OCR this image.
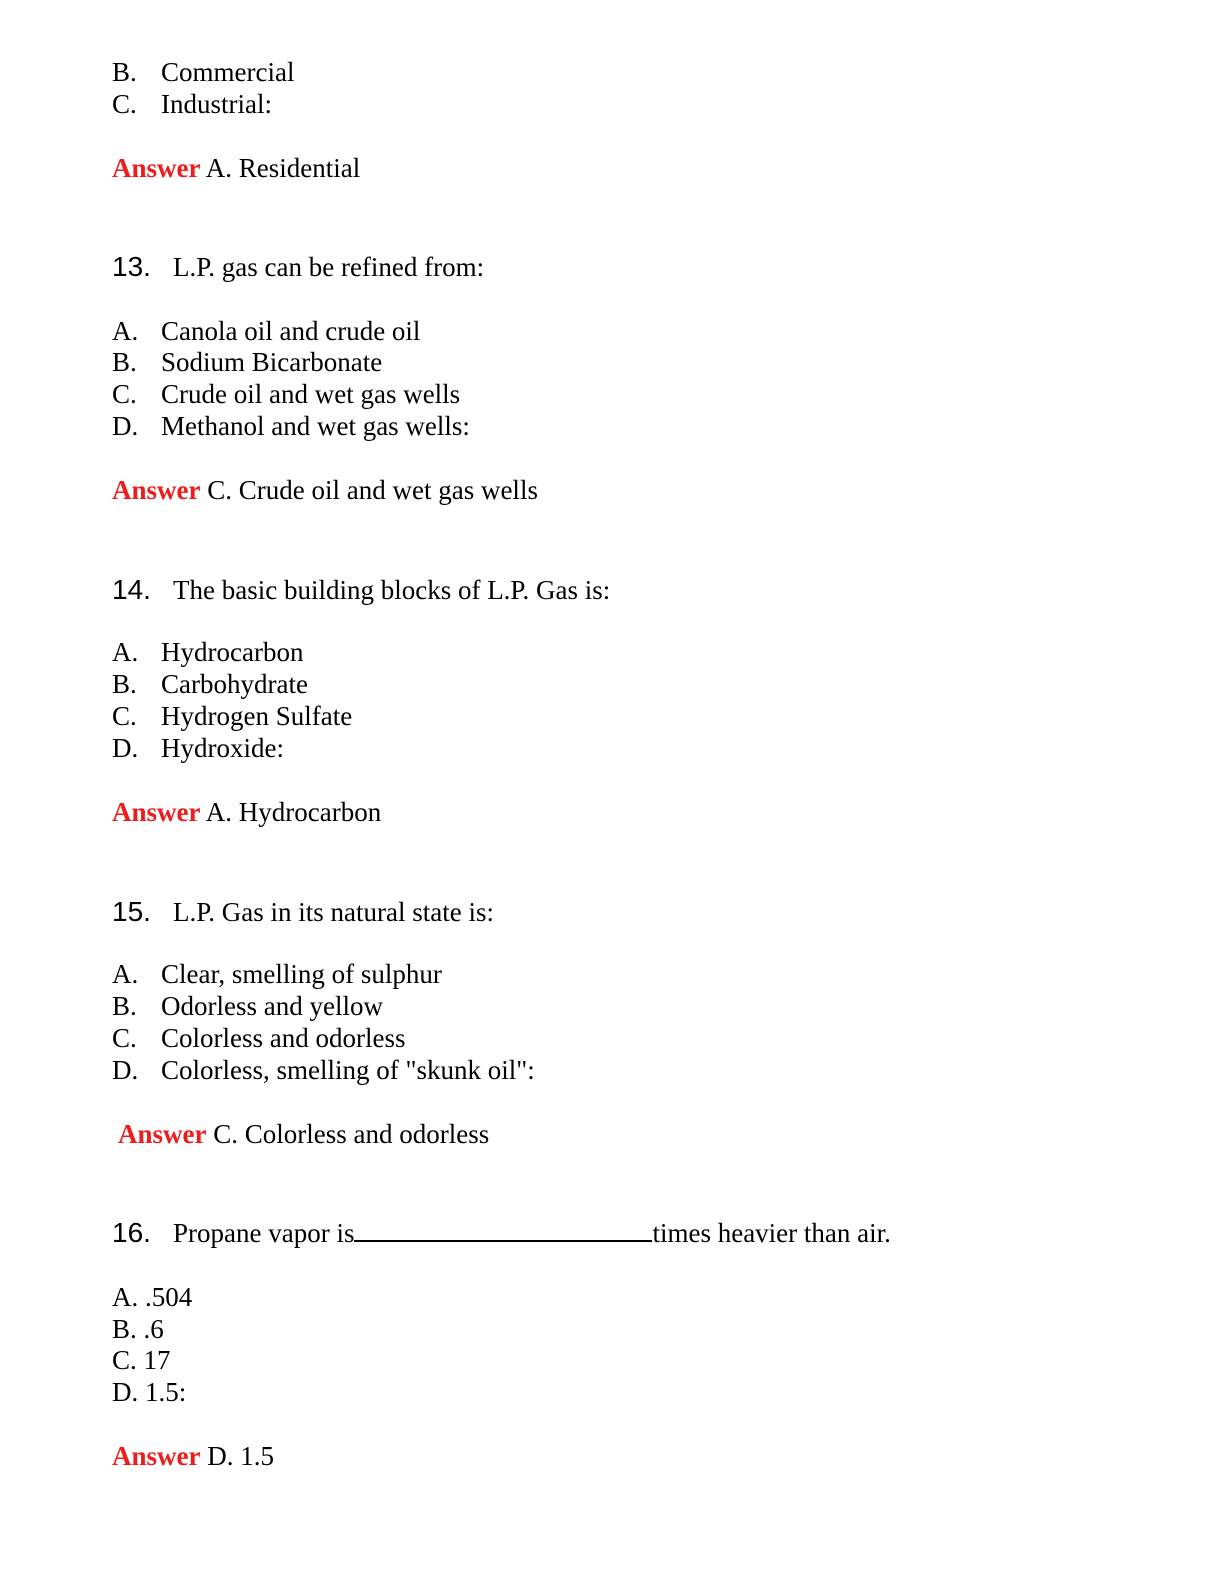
B. Commercial
C. Industrial:
Answer A. Residential
13. L.P. gas can be refined from:
A. Canola oil and crude oil
B. Sodium Bicarbonate
C. Crude oil and wet gas wells
D. Methanol and wet gas wells:
Answer C. Crude oil and wet gas wells
14. The basic building blocks of L.P. Gas is:
A. Hydrocarbon
B. Carbohydrate
C. Hydrogen Sulfate
D. Hydroxide:
Answer A. Hydrocarbon
15. L.P. Gas in its natural state is:
A. Clear, smelling of sulphur
B. Odorless and yellow
C. Colorless and odorless
D. Colorless, smelling of "skunk oil":
Answer C. Colorless and odorless
16. Propane vapor is	times heavier than air.
A. .504
B. .6
C. 17
D. 1.5:
Answer D. 1.5
